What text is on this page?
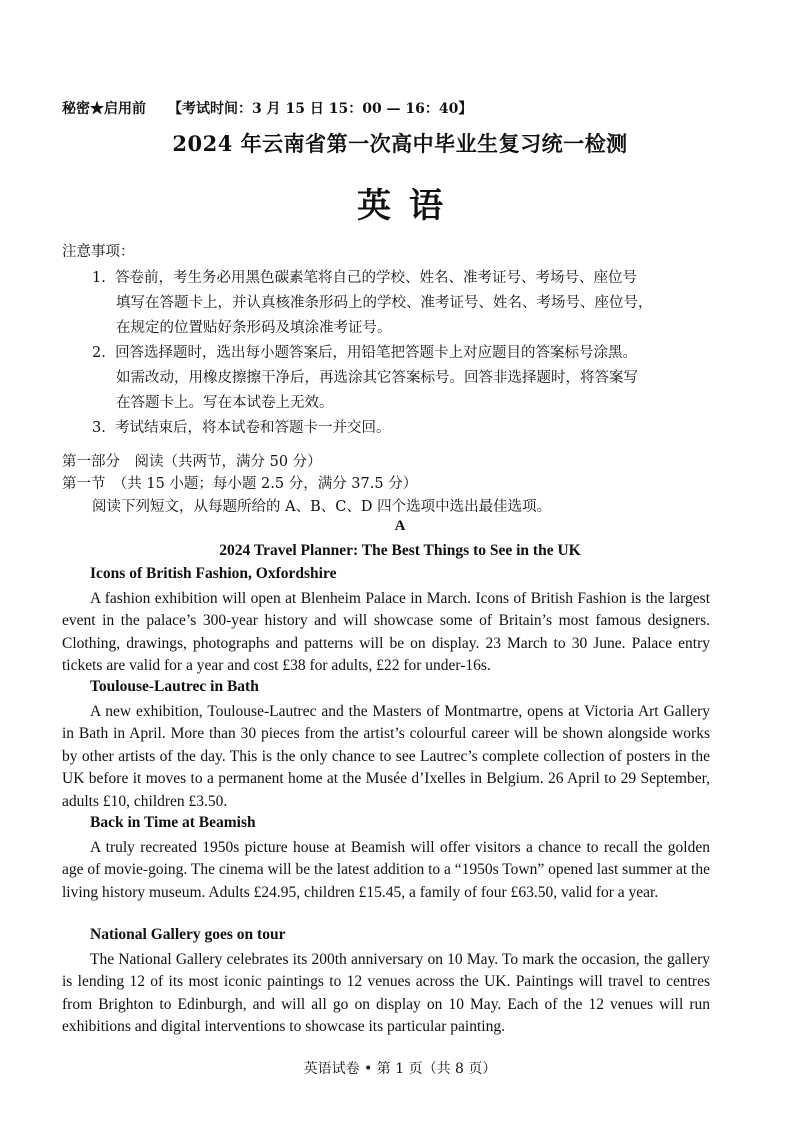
秘密★启用前 【考试时间：3 月 15 日 15：00 — 16：40】
2024 年云南省第一次高中毕业生复习统一检测
英语
注意事项：
1. 答卷前，考生务必用黑色碳素笔将自己的学校、姓名、准考证号、考场号、座位号
填写在答题卡上，并认真核准条形码上的学校、准考证号、姓名、考场号、座位号，
在规定的位置贴好条形码及填涂准考证号。
2. 回答选择题时，选出每小题答案后，用铅笔把答题卡上对应题目的答案标号涂黑。
如需改动，用橡皮擦擦干净后，再选涂其它答案标号。回答非选择题时，将答案写
在答题卡上。写在本试卷上无效。
3. 考试结束后，将本试卷和答题卡一并交回。
第一部分　阅读（共两节，满分 50 分）
第一节　（共 15 小题；每小题 2.5 分，满分 37.5 分）
阅读下列短文，从每题所给的 A、B、C、D 四个选项中选出最佳选项。
A
2024 Travel Planner: The Best Things to See in the UK
Icons of British Fashion, Oxfordshire
A fashion exhibition will open at Blenheim Palace in March. Icons of British Fashion is the largest event in the palace’s 300-year history and will showcase some of Britain’s most famous designers. Clothing, drawings, photographs and patterns will be on display. 23 March to 30 June. Palace entry tickets are valid for a year and cost £38 for adults, £22 for under-16s.
Toulouse-Lautrec in Bath
A new exhibition, Toulouse-Lautrec and the Masters of Montmartre, opens at Victoria Art Gallery in Bath in April. More than 30 pieces from the artist’s colourful career will be shown alongside works by other artists of the day. This is the only chance to see Lautrec’s complete collection of posters in the UK before it moves to a permanent home at the Musée d’Ixelles in Belgium. 26 April to 29 September, adults £10, children £3.50.
Back in Time at Beamish
A truly recreated 1950s picture house at Beamish will offer visitors a chance to recall the golden age of movie-going. The cinema will be the latest addition to a “1950s Town” opened last summer at the living history museum. Adults £24.95, children £15.45, a family of four £63.50, valid for a year.
National Gallery goes on tour
The National Gallery celebrates its 200th anniversary on 10 May. To mark the occasion, the gallery is lending 12 of its most iconic paintings to 12 venues across the UK. Paintings will travel to centres from Brighton to Edinburgh, and will all go on display on 10 May. Each of the 12 venues will run exhibitions and digital interventions to showcase its particular painting.
英语试卷 • 第 1 页（共 8 页）
